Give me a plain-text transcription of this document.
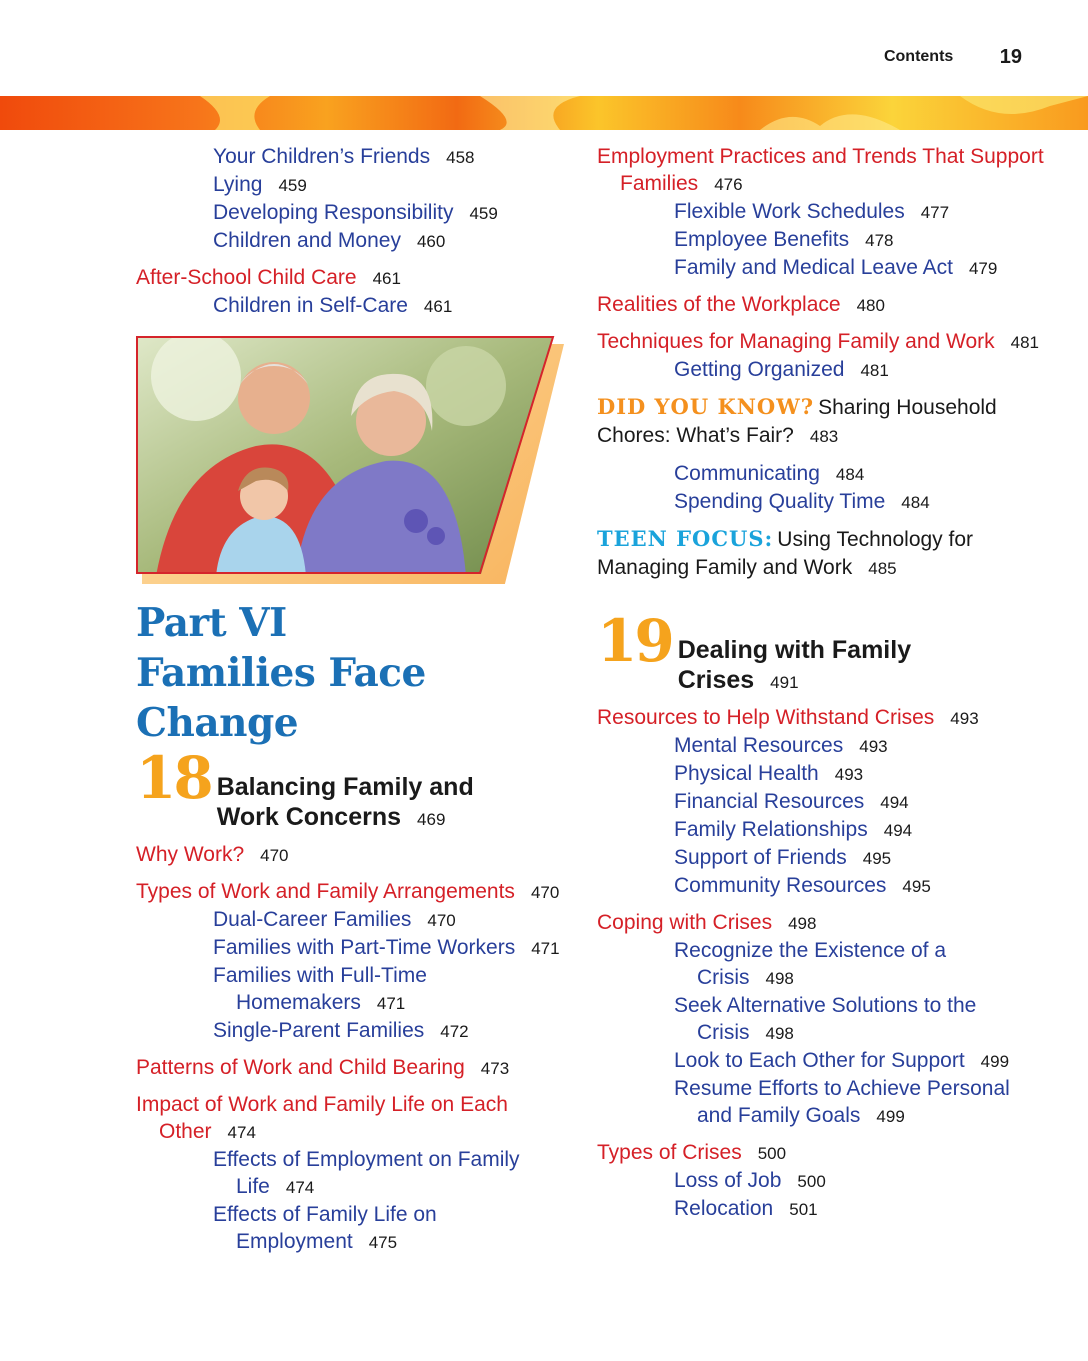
Contents 19
Your Children’s Friends 458
Lying 459
Developing Responsibility 459
Children and Money 460
After-School Child Care 461
Children in Self-Care 461
Part VI
Families Face Change
18 Balancing Family and
Work Concerns 469
Why Work? 470
Types of Work and Family Arrangements 470
Dual-Career Families 470
Families with Part-Time Workers 471
Families with Full-Time Homemakers 471
Single-Parent Families 472
Patterns of Work and Child Bearing 473
Impact of Work and Family Life on Each Other 474
Effects of Employment on Family Life 474
Effects of Family Life on Employment 475
Employment Practices and Trends That Support Families 476
Flexible Work Schedules 477
Employee Benefits 478
Family and Medical Leave Act 479
Realities of the Workplace 480
Techniques for Managing Family and Work 481
Getting Organized 481
DID YOU KNOW? Sharing Household Chores: What’s Fair? 483
Communicating 484
Spending Quality Time 484
TEEN FOCUS: Using Technology for Managing Family and Work 485
19 Dealing with Family
Crises 491
Resources to Help Withstand Crises 493
Mental Resources 493
Physical Health 493
Financial Resources 494
Family Relationships 494
Support of Friends 495
Community Resources 495
Coping with Crises 498
Recognize the Existence of a Crisis 498
Seek Alternative Solutions to the Crisis 498
Look to Each Other for Support 499
Resume Efforts to Achieve Personal and Family Goals 499
Types of Crises 500
Loss of Job 500
Relocation 501
